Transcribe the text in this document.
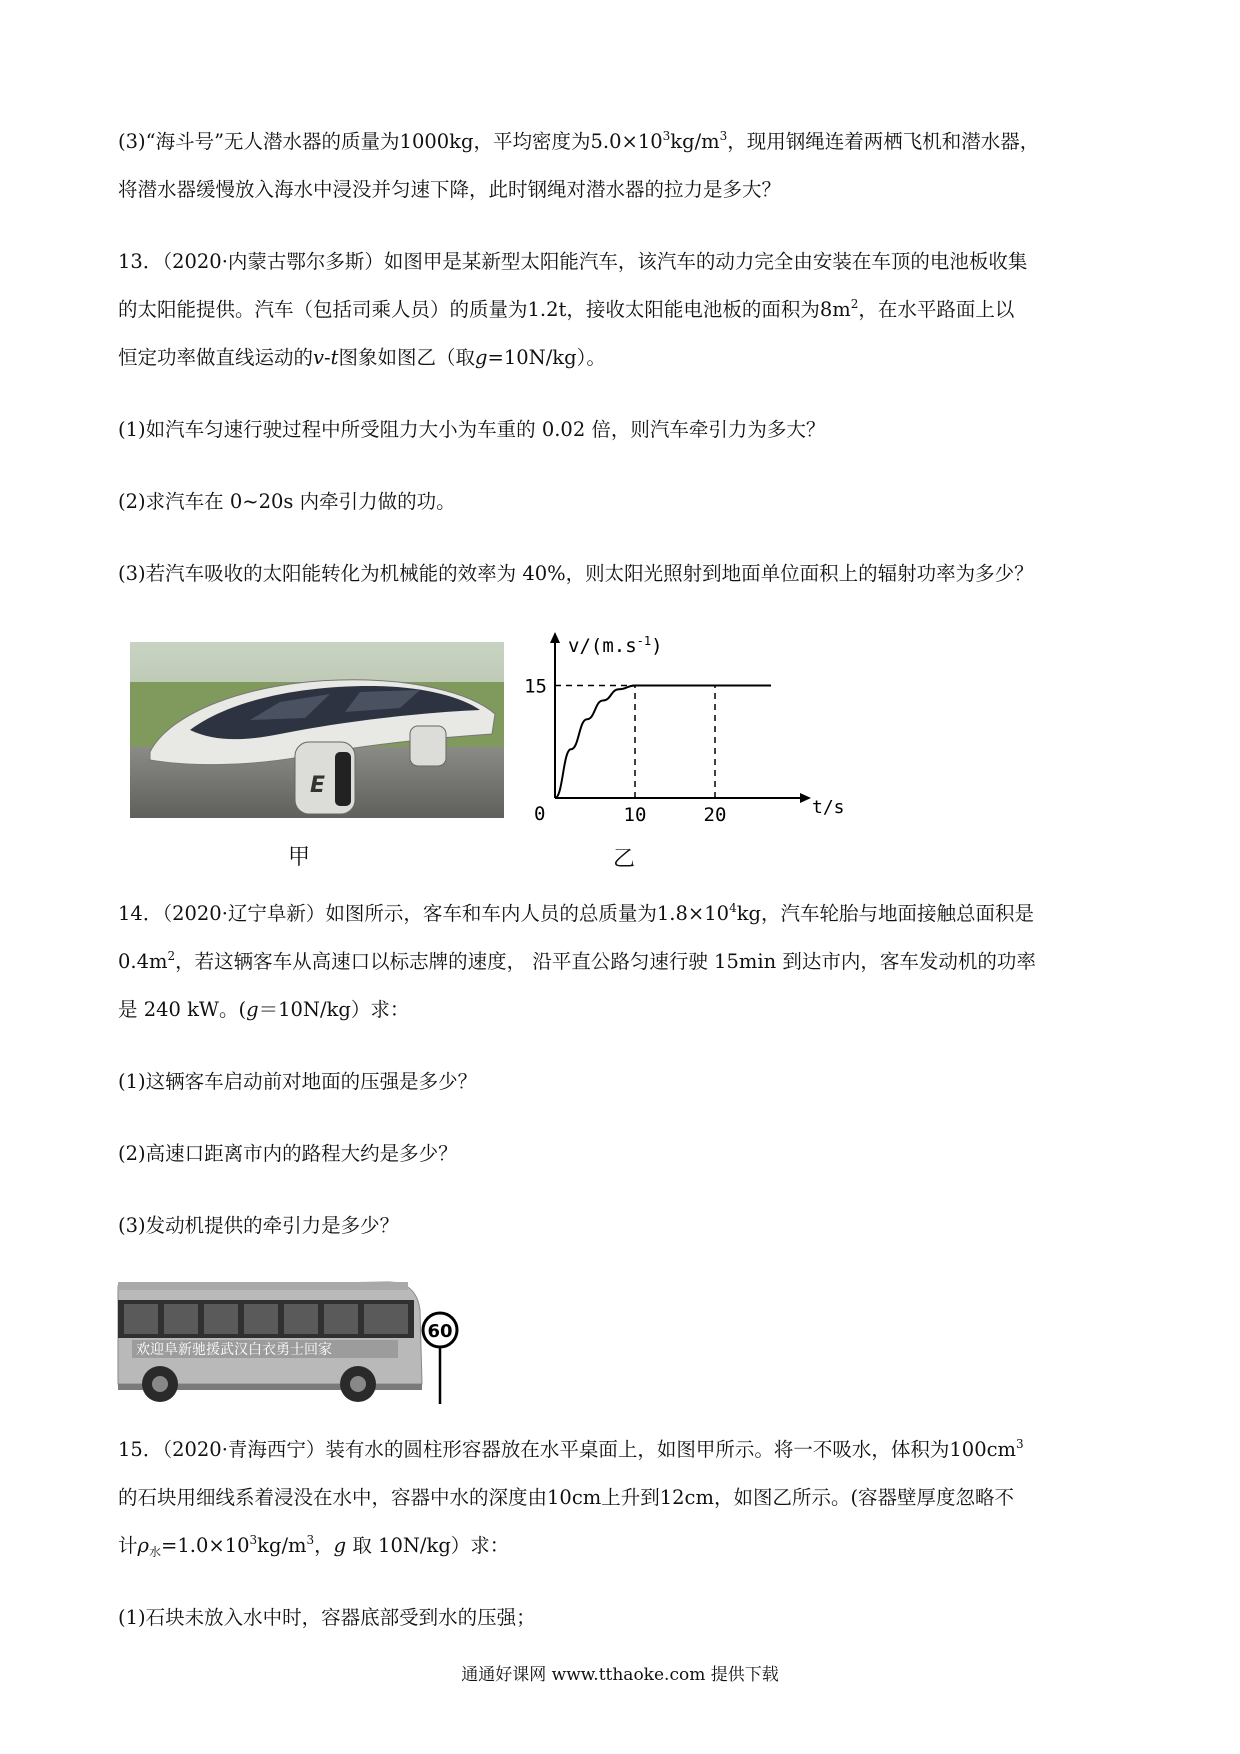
(3)“海斗号”无人潜水器的质量为1000kg，平均密度为$5.0\times 10^3kg/m^3$，现用钢绳连着两栖飞机和潜水器，
将潜水器缓慢放入海水中浸没并匀速下降，此时钢绳对潜水器的拉力是多大？
13．（2020·内蒙古鄂尔多斯）如图甲是某新型太阳能汽车，该汽车的动力完全由安装在车顶的电池板收集
的太阳能提供。汽车（包括司乘人员）的质量为1.2t，接收太阳能电池板的面积为$8m^2$，在水平路面上以
恒定功率做直线运动的v-t图象如图乙（取g=10N/kg）。
(1)如汽车匀速行驶过程中所受阻力大小为车重的 0.02 倍，则汽车牵引力为多大？
(2)求汽车在 0~20s 内牵引力做的功。
(3)若汽车吸收的太阳能转化为机械能的效率为 40%，则太阳光照射到地面单位面积上的辐射功率为多少？
E
甲
$v/(m.s^{-1})$
t/s
0	10	20
15
乙
14．（2020·辽宁阜新）如图所示，客车和车内人员的总质量为$1.8\times 10^4kg$，汽车轮胎与地面接触总面积是
$0.4m^2$，若这辆客车从高速口以标志牌的速度， 沿平直公路匀速行驶 15min 到达市内，客车发动机的功率
是 240 kW。(g＝10N/kg）求：
(1)这辆客车启动前对地面的压强是多少？
(2)高速口距离市内的路程大约是多少？
(3)发动机提供的牵引力是多少？
欢迎阜新驰援武汉白衣勇士回家
60
15．（2020·青海西宁）装有水的圆柱形容器放在水平桌面上，如图甲所示。将一不吸水，体积为$100cm^3$
的石块用细线系着浸没在水中，容器中水的深度由10cm上升到12cm，如图乙所示。(容器壁厚度忽略不
计$\rho_水=1.0\times 10^3kg/m^3$，g 取 10N/kg）求：
(1)石块未放入水中时，容器底部受到水的压强；
通通好课网 www.tthaoke.com 提供下载
